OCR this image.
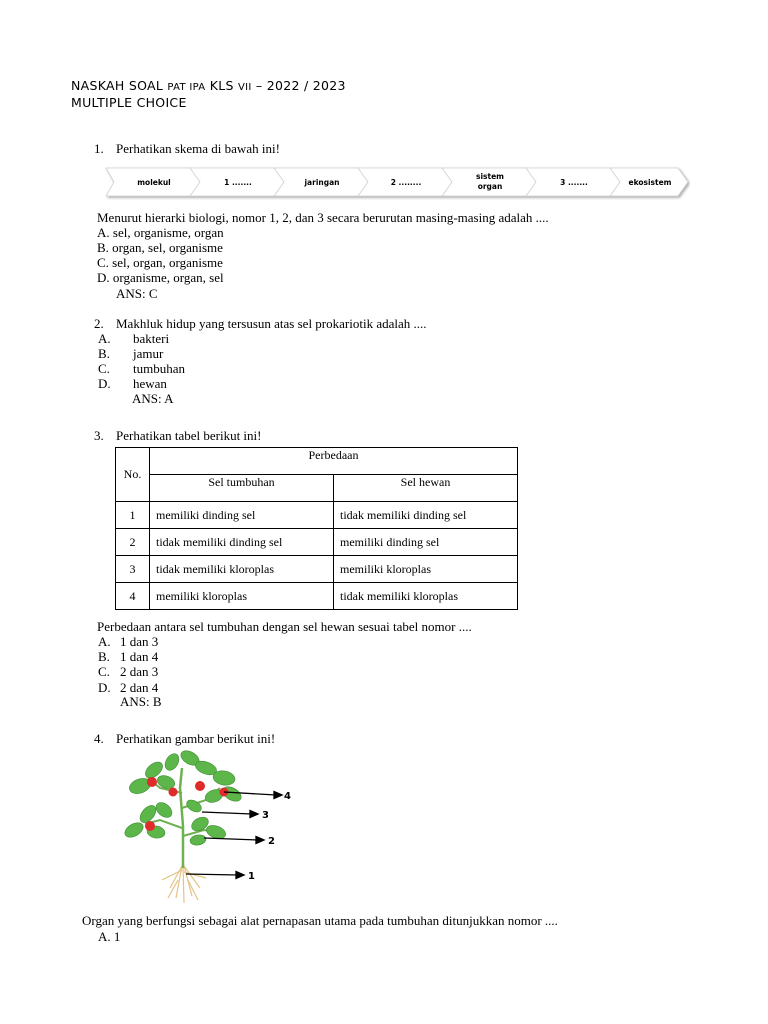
NASKAH SOAL PAT IPA KLS VII – 2022 / 2023
MULTIPLE CHOICE
1. Perhatikan skema di bawah ini!
molekul	1 .......	jaringan	2 ........
sistem
organ	3 .......	ekosistem
Menurut hierarki biologi, nomor 1, 2, dan 3 secara berurutan masing-masing adalah ....
A. sel, organisme, organ
B. organ, sel, organisme
C. sel, organ, organisme
D. organisme, organ, sel
ANS: C
2. Makhluk hidup yang tersusun atas sel prokariotik adalah ....
A. bakteri
B. jamur
C. tumbuhan
D. hewan
ANS: A
3. Perhatikan tabel berikut ini!
No.	Perbedaan	
	Sel tumbuhan	Sel hewan
1	memiliki dinding sel	tidak memiliki dinding sel
2	tidak memiliki dinding sel	memiliki dinding sel
3	tidak memiliki kloroplas	memiliki kloroplas
4	memiliki kloroplas	tidak memiliki kloroplas
Perbedaan antara sel tumbuhan dengan sel hewan sesuai tabel nomor ....
A. 1 dan 3
B. 1 dan 4
C. 2 dan 3
D. 2 dan 4
ANS: B
4. Perhatikan gambar berikut ini!
4
3
2
1
Organ yang berfungsi sebagai alat pernapasan utama pada tumbuhan ditunjukkan nomor ....
A. 1
